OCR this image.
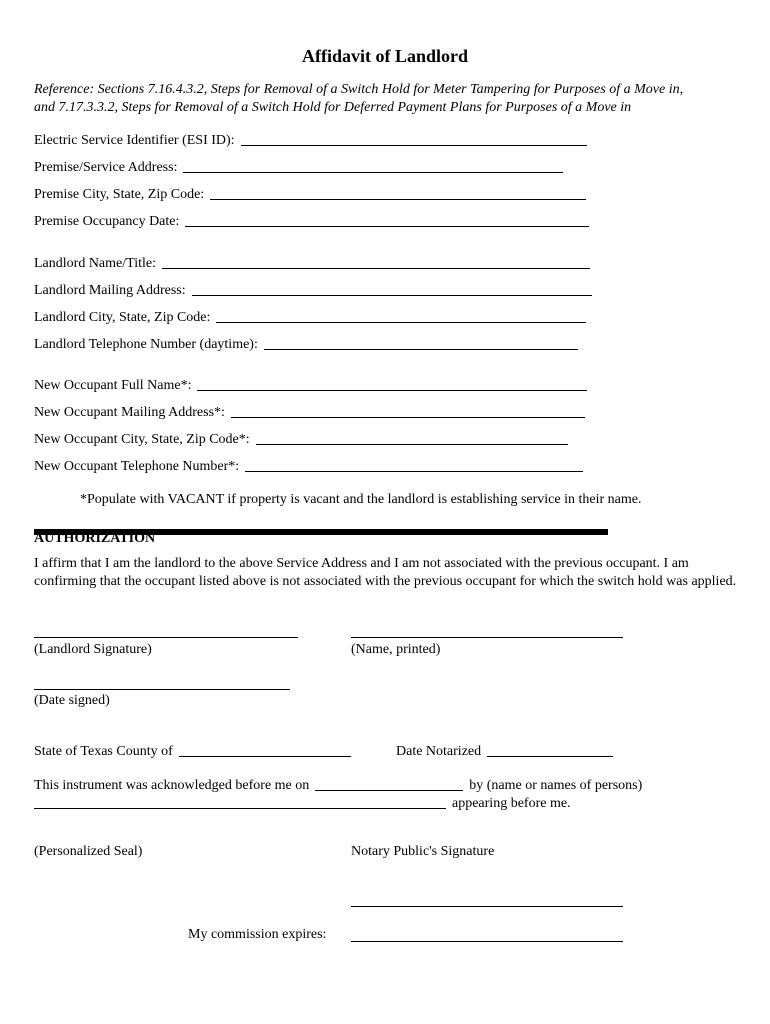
Affidavit of Landlord
Reference: Sections 7.16.4.3.2, Steps for Removal of a Switch Hold for Meter Tampering for Purposes of a Move in,
and 7.17.3.3.2, Steps for Removal of a Switch Hold for Deferred Payment Plans for Purposes of a Move in
Electric Service Identifier (ESI ID):
Premise/Service Address:
Premise City, State, Zip Code:
Premise Occupancy Date:
Landlord Name/Title:
Landlord Mailing Address:
Landlord City, State, Zip Code:
Landlord Telephone Number (daytime):
New Occupant Full Name*:
New Occupant Mailing Address*:
New Occupant City, State, Zip Code*:
New Occupant Telephone Number*:
*Populate with VACANT if property is vacant and the landlord is establishing service in their name.
AUTHORIZATION
I affirm that I am the landlord to the above Service Address and I am not associated with the previous occupant. I am confirming that the occupant listed above is not associated with the previous occupant for which the switch hold was applied.
(Landlord Signature)	(Name, printed)
(Date signed)
State of Texas County of	Date Notarized
This instrument was acknowledged before me on	by (name or names of persons)
appearing before me.
(Personalized Seal)	Notary Public's Signature
My commission expires:
